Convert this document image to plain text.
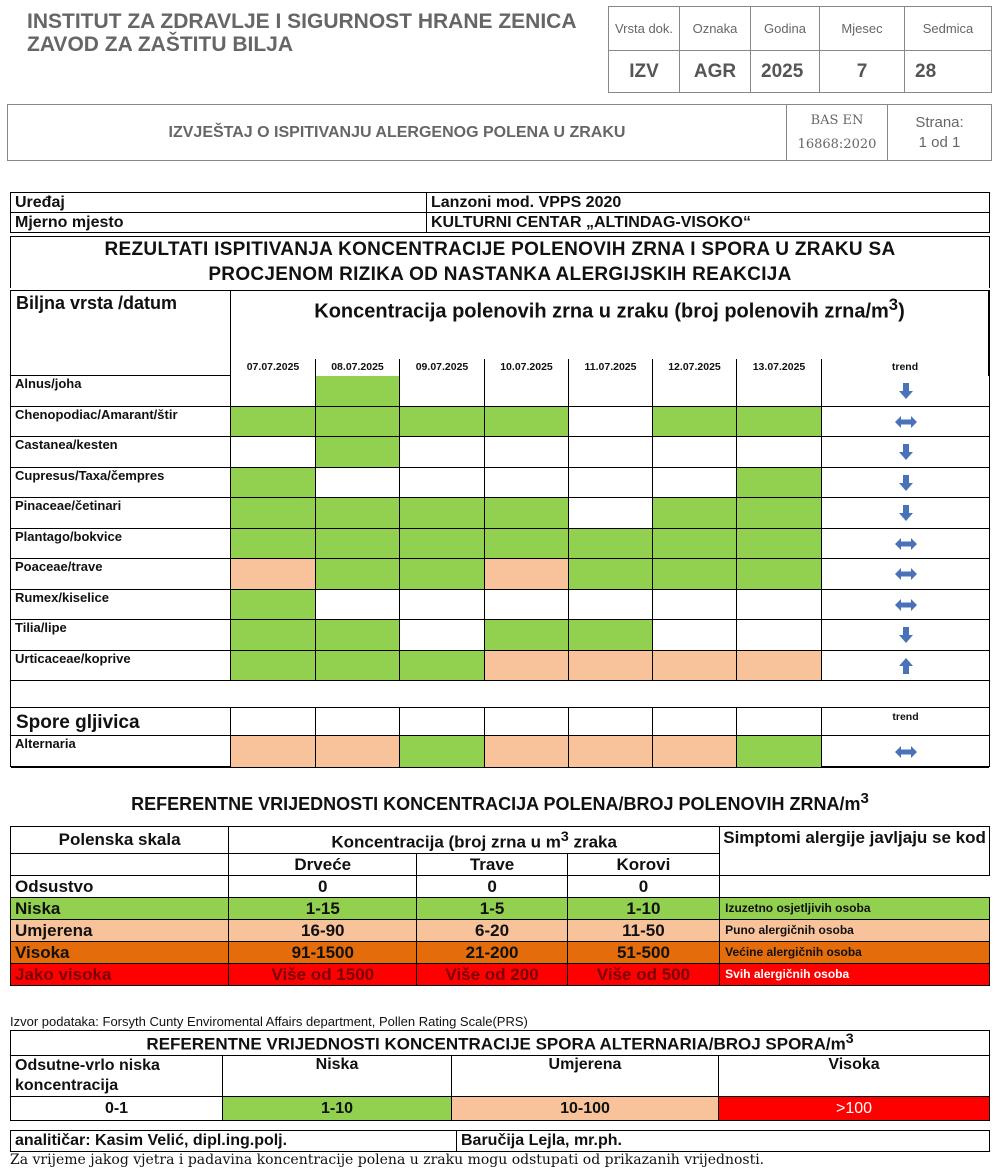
INSTITUT ZA ZDRAVLJE I SIGURNOST HRANE ZENICA
ZAVOD ZA ZAŠTITU BILJA
Vrsta dok.	Oznaka	Godina	Mjesec	Sedmica
IZV	AGR	2025	7	28
IZVJEŠTAJ O ISPITIVANJU ALERGENOG POLENA U ZRAKU	BAS EN 16868:2020	
Strana:
1 od 1
Uređaj	Lanzoni mod. VPPS 2020
Mjerno mjesto	KULTURNI CENTAR „ALTINDAG-VISOKO“
REZULTATI ISPITIVANJA KONCENTRACIJE POLENOVIH ZRNA I SPORA U ZRAKU SA PROCJENOM RIZIKA OD NASTANKA ALERGIJSKIH REAKCIJA
Biljna vrsta /datum	Koncentracija polenovih zrna u zraku (broj polenovih zrna/$m^3$)
07.07.2025	08.07.2025	09.07.2025	10.07.2025	11.07.2025	12.07.2025	13.07.2025	trend
Alnus/joha
Chenopodiac/Amarant/štir
Castanea/kesten
Cupresus/Taxa/čempres
Pinaceae/četinari
Plantago/bokvice
Poaceae/trave
Rumex/kiselice
Tilia/lipe
Urticaceae/koprive
Spore gljivica	trend
Alternaria
REFERENTNE VRIJEDNOSTI KONCENTRACIJA POLENA/BROJ POLENOVIH ZRNA/$m^3$
Polenska skala	Koncentracija (broj zrna u $m^3$ zraka			Simptomi alergije javljaju se kod
	Drveće	Trave	Korovi	
Odsustvo	0	0	0	
Niska	1-15	1-5	1-10	Izuzetno osjetljivih osoba
Umjerena	16-90	6-20	11-50	Puno alergičnih osoba
Visoka	91-1500	21-200	51-500	Većine alergičnih osoba
Jako visoka	Više od 1500	Više od 200	Više od 500	Svih alergičnih osoba
Izvor podataka: Forsyth Cunty Enviromental Affairs department, Pollen Rating Scale(PRS)
REFERENTNE VRIJEDNOSTI KONCENTRACIJE SPORA ALTERNARIA/BROJ SPORA/$m^3$
Odsutne-vrlo niska koncentracija	Niska	Umjerena	Visoka
0-1	1-10	10-100	>100
analitičar: Kasim Velić, dipl.ing.polj.	Baručija Lejla, mr.ph.
Za vrijeme jakog vjetra i padavina koncentracije polena u zraku mogu odstupati od prikazanih vrijednosti.
